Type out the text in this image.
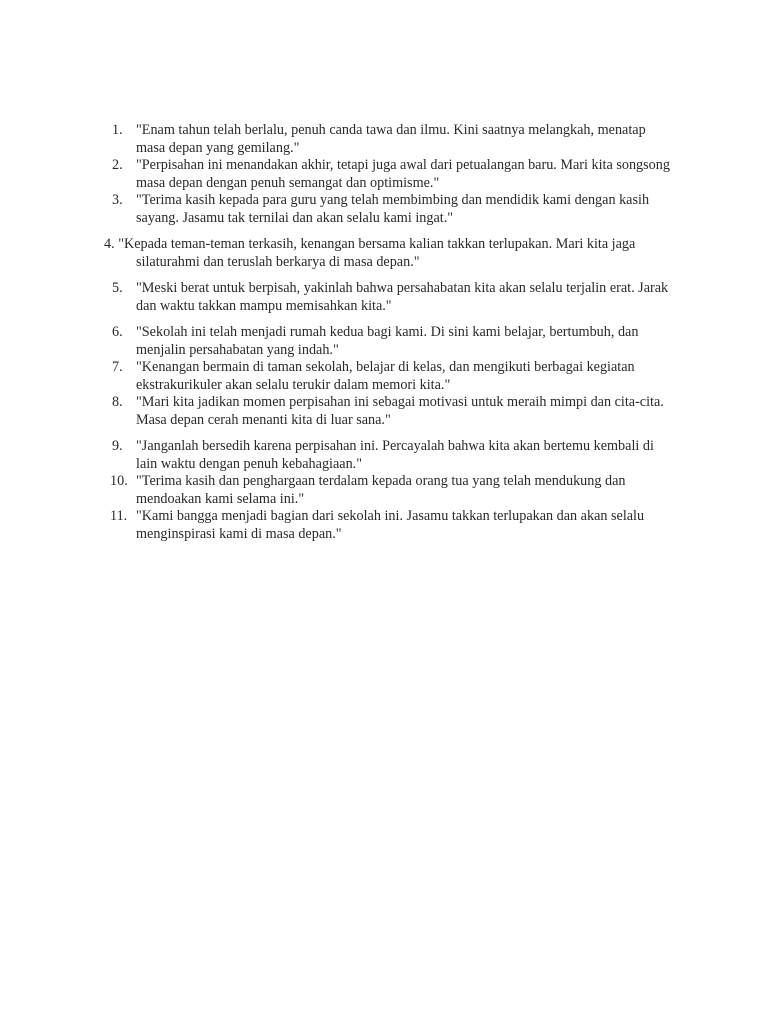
1. "Enam tahun telah berlalu, penuh canda tawa dan ilmu. Kini saatnya melangkah, menatap masa depan yang gemilang."
2. "Perpisahan ini menandakan akhir, tetapi juga awal dari petualangan baru. Mari kita songsong masa depan dengan penuh semangat dan optimisme."
3. "Terima kasih kepada para guru yang telah membimbing dan mendidik kami dengan kasih sayang. Jasamu tak ternilai dan akan selalu kami ingat."
4. "Kepada teman-teman terkasih, kenangan bersama kalian takkan terlupakan. Mari kita jaga silaturahmi dan teruslah berkarya di masa depan."
5. "Meski berat untuk berpisah, yakinlah bahwa persahabatan kita akan selalu terjalin erat. Jarak dan waktu takkan mampu memisahkan kita."
6. "Sekolah ini telah menjadi rumah kedua bagi kami. Di sini kami belajar, bertumbuh, dan menjalin persahabatan yang indah."
7. "Kenangan bermain di taman sekolah, belajar di kelas, dan mengikuti berbagai kegiatan ekstrakurikuler akan selalu terukir dalam memori kita."
8. "Mari kita jadikan momen perpisahan ini sebagai motivasi untuk meraih mimpi dan cita-cita. Masa depan cerah menanti kita di luar sana."
9. "Janganlah bersedih karena perpisahan ini. Percayalah bahwa kita akan bertemu kembali di lain waktu dengan penuh kebahagiaan."
10. "Terima kasih dan penghargaan terdalam kepada orang tua yang telah mendukung dan mendoakan kami selama ini."
11. "Kami bangga menjadi bagian dari sekolah ini. Jasamu takkan terlupakan dan akan selalu menginspirasi kami di masa depan."
